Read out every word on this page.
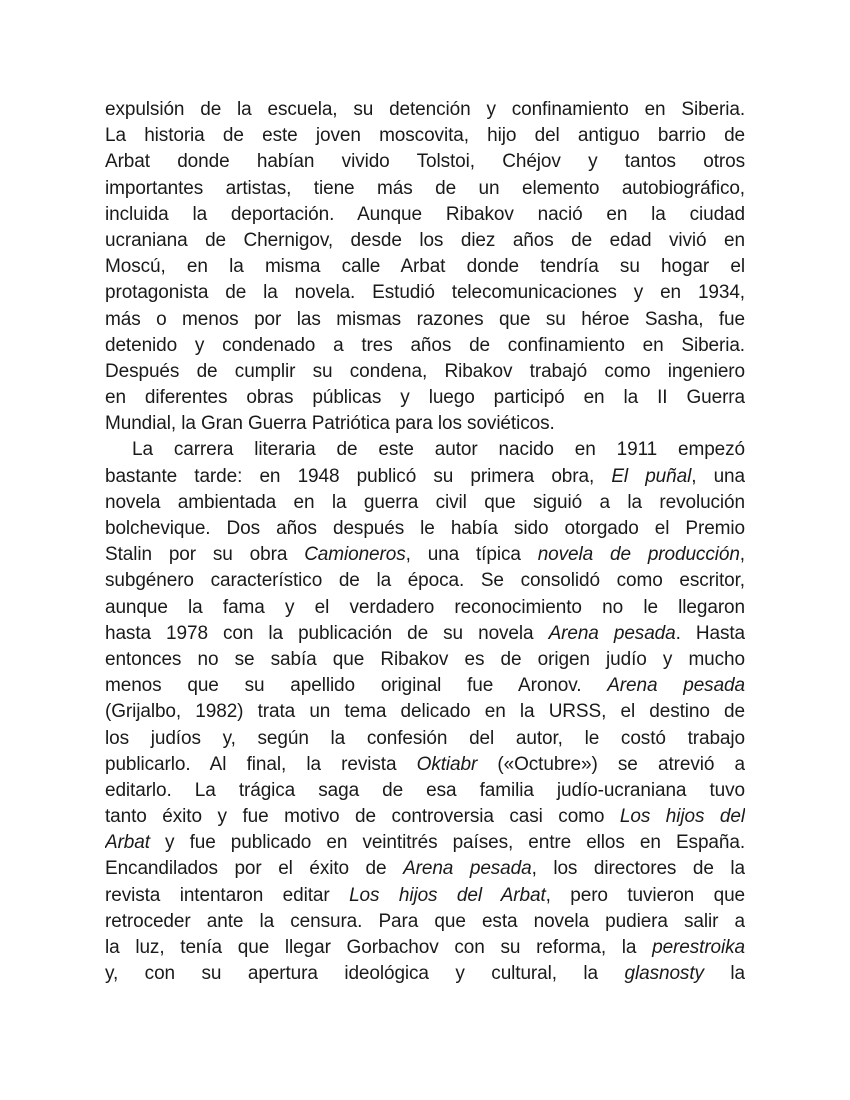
expulsión de la escuela, su detención y confinamiento en Siberia.
La historia de este joven moscovita, hijo del antiguo barrio de
Arbat donde habían vivido Tolstoi, Chéjov y tantos otros
importantes artistas, tiene más de un elemento autobiográfico,
incluida la deportación. Aunque Ribakov nació en la ciudad
ucraniana de Chernigov, desde los diez años de edad vivió en
Moscú, en la misma calle Arbat donde tendría su hogar el
protagonista de la novela. Estudió telecomunicaciones y en 1934,
más o menos por las mismas razones que su héroe Sasha, fue
detenido y condenado a tres años de confinamiento en Siberia.
Después de cumplir su condena, Ribakov trabajó como ingeniero
en diferentes obras públicas y luego participó en la II Guerra
Mundial, la Gran Guerra Patriótica para los soviéticos.
La carrera literaria de este autor nacido en 1911 empezó
bastante tarde: en 1948 publicó su primera obra, El puñal, una
novela ambientada en la guerra civil que siguió a la revolución
bolchevique. Dos años después le había sido otorgado el Premio
Stalin por su obra Camioneros, una típica novela de producción,
subgénero característico de la época. Se consolidó como escritor,
aunque la fama y el verdadero reconocimiento no le llegaron
hasta 1978 con la publicación de su novela Arena pesada. Hasta
entonces no se sabía que Ribakov es de origen judío y mucho
menos que su apellido original fue Aronov. Arena pesada
(Grijalbo, 1982) trata un tema delicado en la URSS, el destino de
los judíos y, según la confesión del autor, le costó trabajo
publicarlo. Al final, la revista Oktiabr («Octubre») se atrevió a
editarlo. La trágica saga de esa familia judío-ucraniana tuvo
tanto éxito y fue motivo de controversia casi como Los hijos del
Arbat y fue publicado en veintitrés países, entre ellos en España.
Encandilados por el éxito de Arena pesada, los directores de la
revista intentaron editar Los hijos del Arbat, pero tuvieron que
retroceder ante la censura. Para que esta novela pudiera salir a
la luz, tenía que llegar Gorbachov con su reforma, la perestroika
y, con su apertura ideológica y cultural, la glasnosty la
